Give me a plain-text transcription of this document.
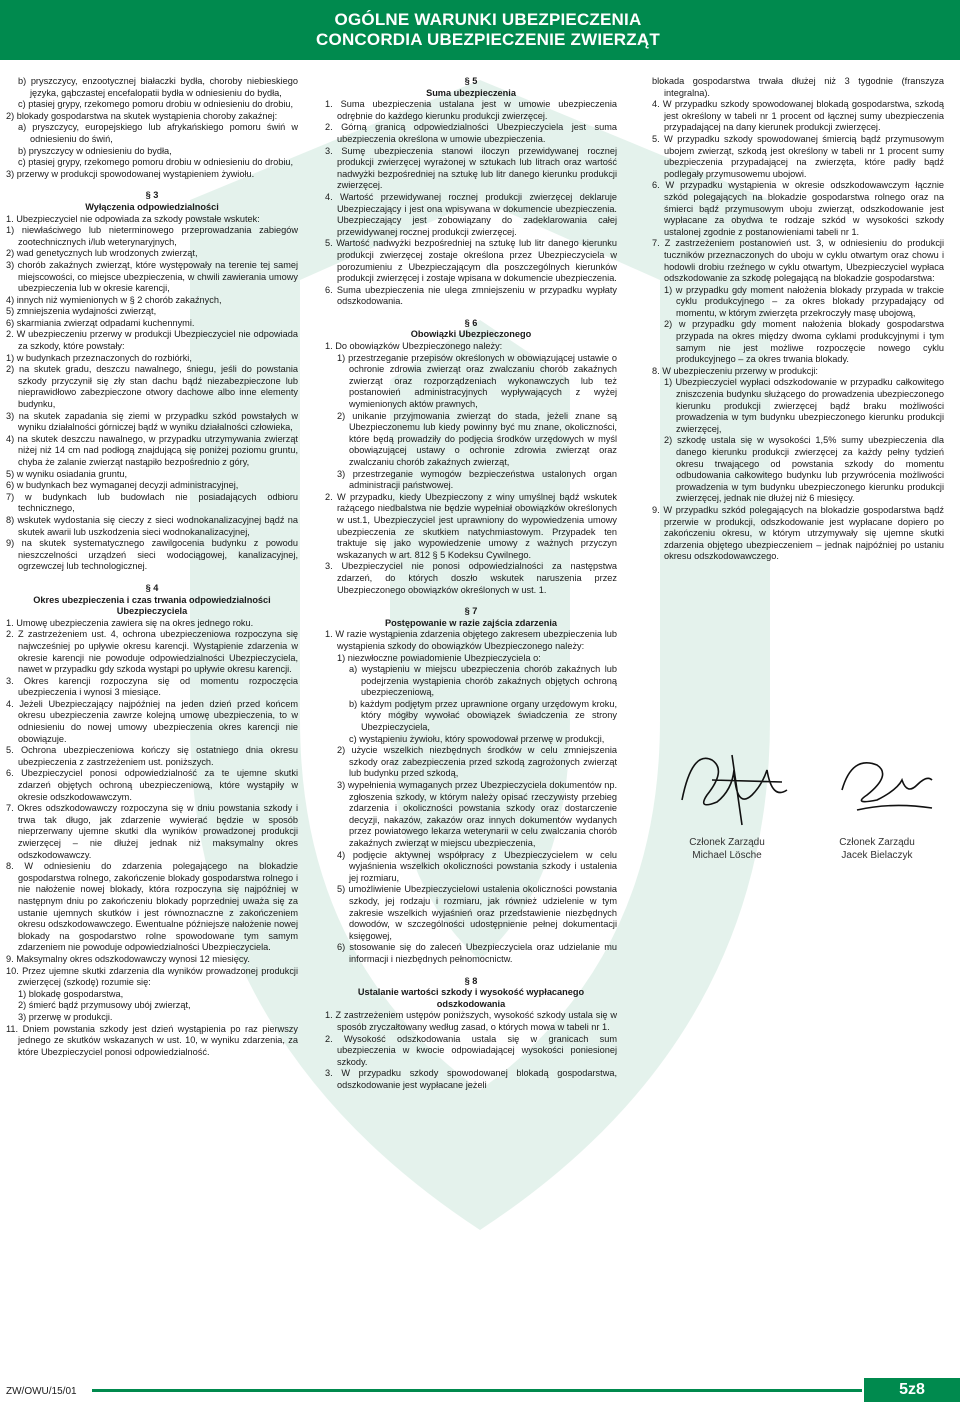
OGÓLNE WARUNKI UBEZPIECZENIA
CONCORDIA UBEZPIECZENIE ZWIERZĄT

b) pryszczycy, enzootycznej białaczki bydła, choroby niebieskiego języka, gąbczastej encefalopatii bydła w odniesieniu do bydła,

c) ptasiej grypy, rzekomego pomoru drobiu w odniesieniu do drobiu,

2) blokady gospodarstwa na skutek wystąpienia choroby zakaźnej:

a) pryszczycy, europejskiego lub afrykańskiego pomoru świń w odniesieniu do świń,

b) pryszczycy w odniesieniu do bydła,

c) ptasiej grypy, rzekomego pomoru drobiu w odniesieniu do drobiu,

3) przerwy w produkcji spowodowanej wystąpieniem żywiołu.

§ 3

Wyłączenia odpowiedzialności

1. Ubezpieczyciel nie odpowiada za szkody powstałe wskutek:

1) niewłaściwego lub nieterminowego przeprowadzania zabiegów zootechnicznych i/lub weterynaryjnych,

2) wad genetycznych lub wrodzonych zwierząt,

3) chorób zakaźnych zwierząt, które występowały na terenie tej samej miejscowości, co miejsce ubezpieczenia, w chwili zawierania umowy ubezpieczenia lub w okresie karencji,

4) innych niż wymienionych w § 2 chorób zakaźnych,

5) zmniejszenia wydajności zwierząt,

6) skarmiania zwierząt odpadami kuchennymi.

2. W ubezpieczeniu przerwy w produkcji Ubezpieczyciel nie odpowiada za szkody, które powstały:

1) w budynkach przeznaczonych do rozbiórki,

2) na skutek gradu, deszczu nawalnego, śniegu, jeśli do powstania szkody przyczynił się zły stan dachu bądź niezabezpieczone lub nieprawidłowo zabezpieczone otwory dachowe albo inne elementy budynku,

3) na skutek zapadania się ziemi w przypadku szkód powstałych w wyniku działalności górniczej bądź w wyniku działalności człowieka,

4) na skutek deszczu nawalnego, w przypadku utrzymywania zwierząt niżej niż 14 cm nad podłogą znajdującą się poniżej poziomu gruntu, chyba że zalanie zwierząt nastąpiło bezpośrednio z góry,

5) w wyniku osiadania gruntu,

6) w budynkach bez wymaganej decyzji administracyjnej,

7) w budynkach lub budowlach nie posiadających odbioru technicznego,

8) wskutek wydostania się cieczy z sieci wodnokanalizacyjnej bądź na skutek awarii lub uszkodzenia sieci wodnokanalizacyjnej,

9) na skutek systematycznego zawilgocenia budynku z powodu nieszczelności urządzeń sieci wodociągowej, kanalizacyjnej, ogrzewczej lub technologicznej.

§ 4

Okres ubezpieczenia i czas trwania odpowiedzialności Ubezpieczyciela

1. Umowę ubezpieczenia zawiera się na okres jednego roku.

2. Z zastrzeżeniem ust. 4, ochrona ubezpieczeniowa rozpoczyna się najwcześniej po upływie okresu karencji. Wystąpienie zdarzenia w okresie karencji nie powoduje odpowiedzialności Ubezpieczyciela, nawet w przypadku gdy szkoda wystąpi po upływie okresu karencji.

3. Okres karencji rozpoczyna się od momentu rozpoczęcia ubezpieczenia i wynosi 3 miesiące.

4. Jeżeli Ubezpieczający najpóźniej na jeden dzień przed końcem okresu ubezpieczenia zawrze kolejną umowę ubezpieczenia, to w odniesieniu do nowej umowy ubezpieczenia okres karencji nie obowiązuje.

5. Ochrona ubezpieczeniowa kończy się ostatniego dnia okresu ubezpieczenia z zastrzeżeniem ust. poniższych.

6. Ubezpieczyciel ponosi odpowiedzialność za te ujemne skutki zdarzeń objętych ochroną ubezpieczeniową, które wystąpiły w okresie odszkodowawczym.

7. Okres odszkodowawczy rozpoczyna się w dniu powstania szkody i trwa tak długo, jak zdarzenie wywierać będzie w sposób nieprzerwany ujemne skutki dla wyników prowadzonej produkcji zwierzęcej – nie dłużej jednak niż maksymalny okres odszkodowawczy.

8. W odniesieniu do zdarzenia polegającego na blokadzie gospodarstwa rolnego, zakończenie blokady gospodarstwa rolnego i nie nałożenie nowej blokady, która rozpoczyna się najpóźniej w następnym dniu po zakończeniu blokady poprzedniej uważa się za ustanie ujemnych skutków i jest równoznaczne z zakończeniem okresu odszkodowawczego. Ewentualne późniejsze nałożenie nowej blokady na gospodarstwo rolne spowodowane tym samym zdarzeniem nie powoduje odpowiedzialności Ubezpieczyciela.

9. Maksymalny okres odszkodowawczy wynosi 12 miesięcy.

10. Przez ujemne skutki zdarzenia dla wyników prowadzonej produkcji zwierzęcej (szkodę) rozumie się:

1) blokadę gospodarstwa,

2) śmierć bądź przymusowy ubój zwierząt,

3) przerwę w produkcji.

11. Dniem powstania szkody jest dzień wystąpienia po raz pierwszy jednego ze skutków wskazanych w ust. 10, w wyniku zdarzenia, za które Ubezpieczyciel ponosi odpowiedzialność.

§ 5

Suma ubezpieczenia

1. Suma ubezpieczenia ustalana jest w umowie ubezpieczenia odrębnie do każdego kierunku produkcji zwierzęcej.

2. Górną granicą odpowiedzialności Ubezpieczyciela jest suma ubezpieczenia określona w umowie ubezpieczenia.

3. Sumę ubezpieczenia stanowi iloczyn przewidywanej rocznej produkcji zwierzęcej wyrażonej w sztukach lub litrach oraz wartość nadwyżki bezpośredniej na sztukę lub litr danego kierunku produkcji zwierzęcej.

4. Wartość przewidywanej rocznej produkcji zwierzęcej deklaruje Ubezpieczający i jest ona wpisywana w dokumencie ubezpieczenia. Ubezpieczający jest zobowiązany do zadeklarowania całej przewidywanej rocznej produkcji zwierzęcej.

5. Wartość nadwyżki bezpośredniej na sztukę lub litr danego kierunku produkcji zwierzęcej zostaje określona przez Ubezpieczyciela w porozumieniu z Ubezpieczającym dla poszczególnych kierunków produkcji zwierzęcej i zostaje wpisana w dokumencie ubezpieczenia.

6. Suma ubezpieczenia nie ulega zmniejszeniu w przypadku wypłaty odszkodowania.

§ 6

Obowiązki Ubezpieczonego

1. Do obowiązków Ubezpieczonego należy:

1) przestrzeganie przepisów określonych w obowiązującej ustawie o ochronie zdrowia zwierząt oraz zwalczaniu chorób zakaźnych zwierząt oraz rozporządzeniach wykonawczych lub też postanowień administracyjnych wypływających z wyżej wymienionych aktów prawnych,

2) unikanie przyjmowania zwierząt do stada, jeżeli znane są Ubezpieczonemu lub kiedy powinny być mu znane, okoliczności, które będą prowadziły do podjęcia środków urzędowych w myśl obowiązującej ustawy o ochronie zdrowia zwierząt oraz zwalczaniu chorób zakaźnych zwierząt,

3) przestrzeganie wymogów bezpieczeństwa ustalonych organ administracji państwowej.

2. W przypadku, kiedy Ubezpieczony z winy umyślnej bądź wskutek rażącego niedbalstwa nie będzie wypełniał obowiązków określonych w ust.1, Ubezpieczyciel jest uprawniony do wypowiedzenia umowy ubezpieczenia ze skutkiem natychmiastowym. Przypadek ten traktuje się jako wypowiedzenie umowy z ważnych przyczyn wskazanych w art. 812 § 5 Kodeksu Cywilnego.

3. Ubezpieczyciel nie ponosi odpowiedzialności za następstwa zdarzeń, do których doszło wskutek naruszenia przez Ubezpieczonego obowiązków określonych w ust. 1.

§ 7

Postępowanie w razie zajścia zdarzenia

1. W razie wystąpienia zdarzenia objętego zakresem ubezpieczenia lub wystąpienia szkody do obowiązków Ubezpieczonego należy:

1) niezwłoczne powiadomienie Ubezpieczyciela o:

a) wystąpieniu w miejscu ubezpieczenia chorób zakaźnych lub podejrzenia wystąpienia chorób zakaźnych objętych ochroną ubezpieczeniową,

b) każdym podjętym przez uprawnione organy urzędowym kroku, który mógłby wywołać obowiązek świadczenia ze strony Ubezpieczyciela,

c) wystąpieniu żywiołu, który spowodował przerwę w produkcji,

2) użycie wszelkich niezbędnych środków w celu zmniejszenia szkody oraz zabezpieczenia przed szkodą zagrożonych zwierząt lub budynku przed szkodą,

3) wypełnienia wymaganych przez Ubezpieczyciela dokumentów np. zgłoszenia szkody, w którym należy opisać rzeczywisty przebieg zdarzenia i okoliczności powstania szkody oraz dostarczenie decyzji, nakazów, zakazów oraz innych dokumentów wydanych przez powiatowego lekarza weterynarii w celu zwalczania chorób zakaźnych zwierząt w miejscu ubezpieczenia,

4) podjęcie aktywnej współpracy z Ubezpieczycielem w celu wyjaśnienia wszelkich okoliczności powstania szkody i ustalenia jej rozmiaru,

5) umożliwienie Ubezpieczycielowi ustalenia okoliczności powstania szkody, jej rodzaju i rozmiaru, jak również udzielenie w tym zakresie wszelkich wyjaśnień oraz przedstawienie niezbędnych dowodów, w szczególności udostępnienie pełnej dokumentacji księgowej,

6) stosowanie się do zaleceń Ubezpieczyciela oraz udzielanie mu informacji i niezbędnych pełnomocnictw.

§ 8

Ustalanie wartości szkody i wysokość wypłacanego odszkodowania

1. Z zastrzeżeniem ustępów poniższych, wysokość szkody ustala się w sposób zryczałtowany według zasad, o których mowa w tabeli nr 1.

2. Wysokość odszkodowania ustala się w granicach sum ubezpieczenia w kwocie odpowiadającej wysokości poniesionej szkody.

3. W przypadku szkody spowodowanej blokadą gospodarstwa, odszkodowanie jest wypłacane jeżeli

blokada gospodarstwa trwała dłużej niż 3 tygodnie (franszyza integralna).

4. W przypadku szkody spowodowanej blokadą gospodarstwa, szkodą jest określony w tabeli nr 1 procent od łącznej sumy ubezpieczenia przypadającej na dany kierunek produkcji zwierzęcej.

5. W przypadku szkody spowodowanej śmiercią bądź przymusowym ubojem zwierząt, szkodą jest określony w tabeli nr 1 procent sumy ubezpieczenia przypadającej na zwierzęta, które padły bądź podlegały przymusowemu ubojowi.

6. W przypadku wystąpienia w okresie odszkodowawczym łącznie szkód polegających na blokadzie gospodarstwa rolnego oraz na śmierci bądź przymusowym uboju zwierząt, odszkodowanie jest wypłacane za obydwa te rodzaje szkód w wysokości szkody ustalonej zgodnie z postanowieniami tabeli nr 1.

7. Z zastrzeżeniem postanowień ust. 3, w odniesieniu do produkcji tuczników przeznaczonych do uboju w cyklu otwartym oraz chowu i hodowli drobiu rzeźnego w cyklu otwartym, Ubezpieczyciel wypłaca odszkodowanie za szkodę polegającą na blokadzie gospodarstwa:

1) w przypadku gdy moment nałożenia blokady przypada w trakcie cyklu produkcyjnego – za okres blokady przypadający od momentu, w którym zwierzęta przekroczyły masę ubojową,

2) w przypadku gdy moment nałożenia blokady gospodarstwa przypada na okres między dwoma cyklami produkcyjnymi i tym samym nie jest możliwe rozpoczęcie nowego cyklu produkcyjnego – za okres trwania blokady.

8. W ubezpieczeniu przerwy w produkcji:

1) Ubezpieczyciel wypłaci odszkodowanie w przypadku całkowitego zniszczenia budynku służącego do prowadzenia ubezpieczonego kierunku produkcji zwierzęcej bądź braku możliwości prowadzenia w tym budynku ubezpieczonego kierunku produkcji zwierzęcej,

2) szkodę ustala się w wysokości 1,5% sumy ubezpieczenia dla danego kierunku produkcji zwierzęcej za każdy pełny tydzień okresu trwającego od powstania szkody do momentu odbudowania całkowitego budynku lub przywrócenia możliwości prowadzenia w tym budynku ubezpieczonego kierunku produkcji zwierzęcej, jednak nie dłużej niż 6 miesięcy.

9. W przypadku szkód polegających na blokadzie gospodarstwa bądź przerwie w produkcji, odszkodowanie jest wypłacane dopiero po zakończeniu okresu, w którym utrzymywały się ujemne skutki zdarzenia objętego ubezpieczeniem – jednak najpóźniej po ustaniu okresu odszkodowawczego.

Członek Zarządu
Michael Lösche
Członek Zarządu
Jacek Bielaczyk
5z8
ZW/OWU/15/01
